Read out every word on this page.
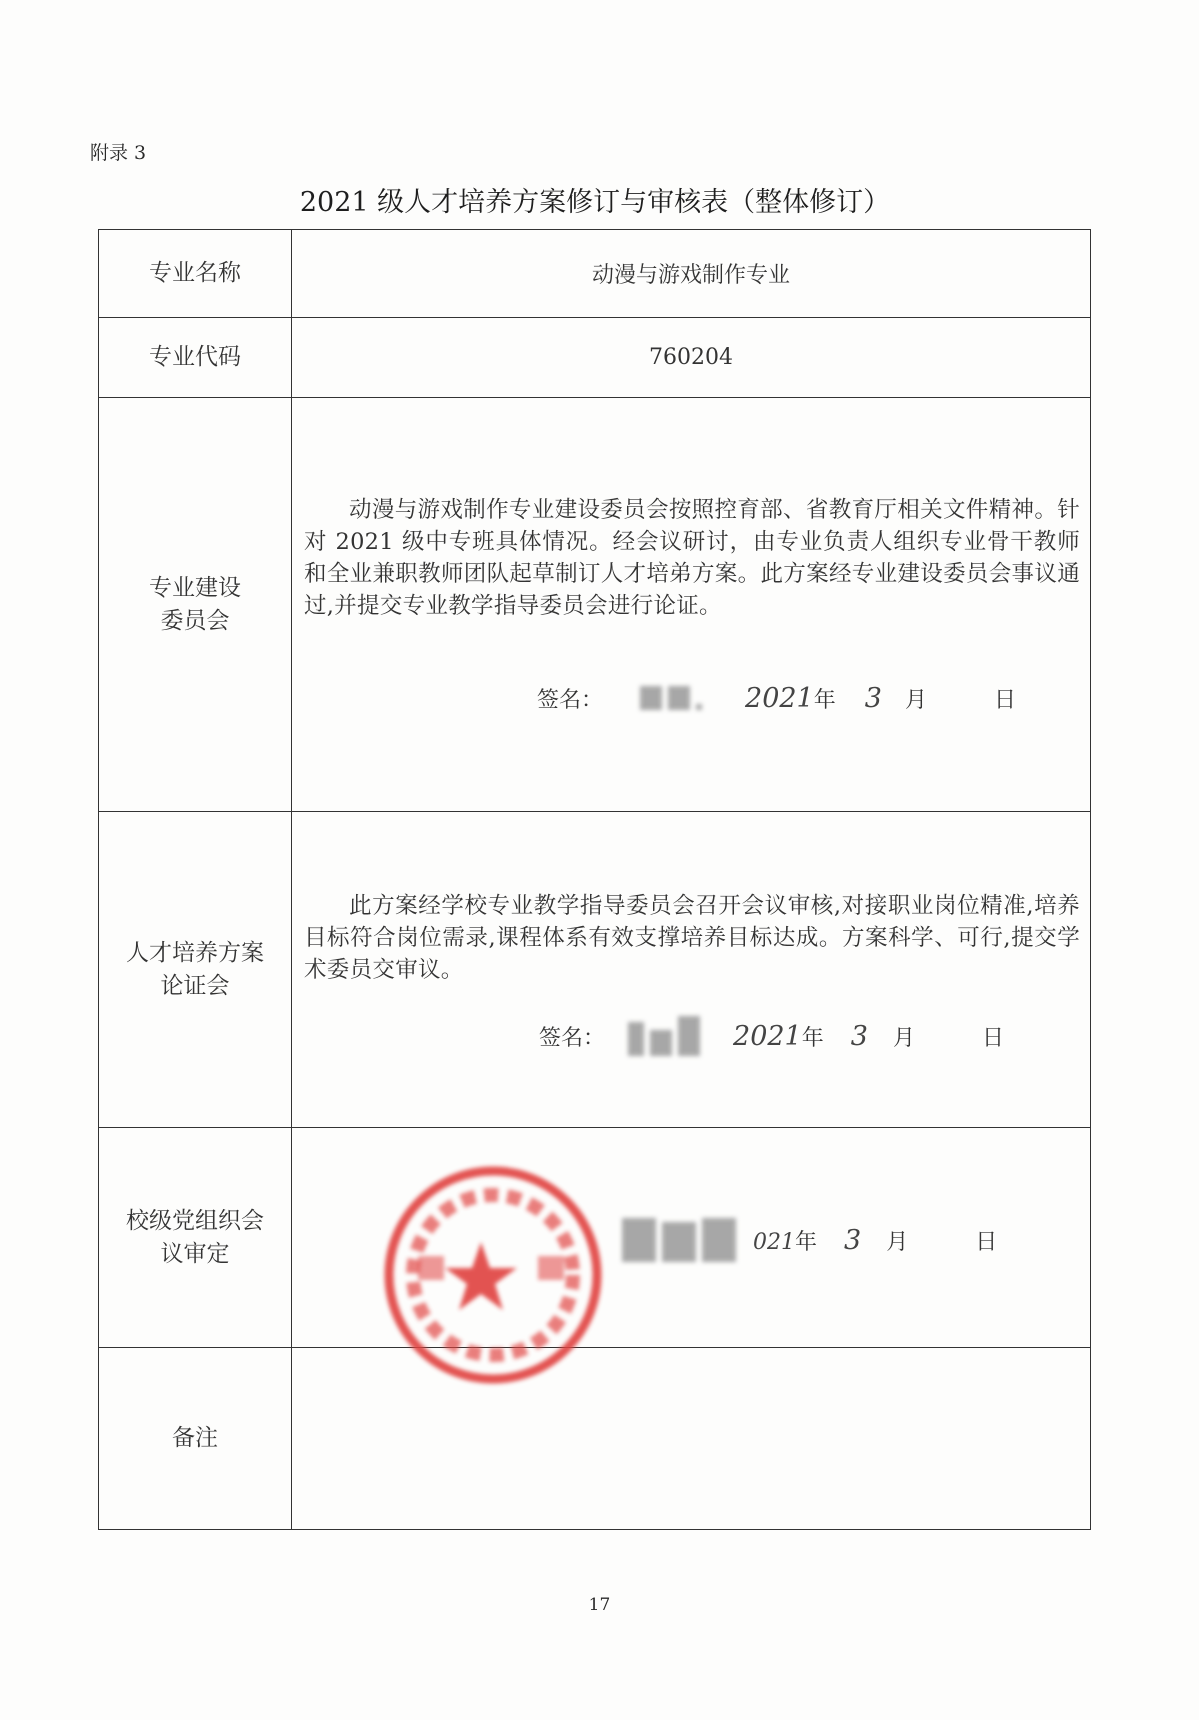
附录 3
2021 级人才培养方案修订与审核表（整体修订）
专业名称	动漫与游戏制作专业
专业代码	760204

专业建设委员会	动漫与游戏制作专业建设委员会按照控育部、省教育厅相关文件精神。针对 2021 级中专班具体情况。经会议研讨，由专业负责人组织专业骨干教师和全业兼职教师团队起草制订人才培弟方案。此方案经专业建设委员会事议通过,并提交专业教学指导委员会进行论证。
签名： 2021年 3 月 日

人才培养方案论证会	此方案经学校专业教学指导委员会召开会议审核,对接职业岗位精准,培养目标符合岗位需录,课程体系有效支撑培养目标达成。方案科学、可行,提交学术委员交审议。
签名： 2021年 3 月 日

校级党组织会议审定	021年 3 月 日

备注	
17
